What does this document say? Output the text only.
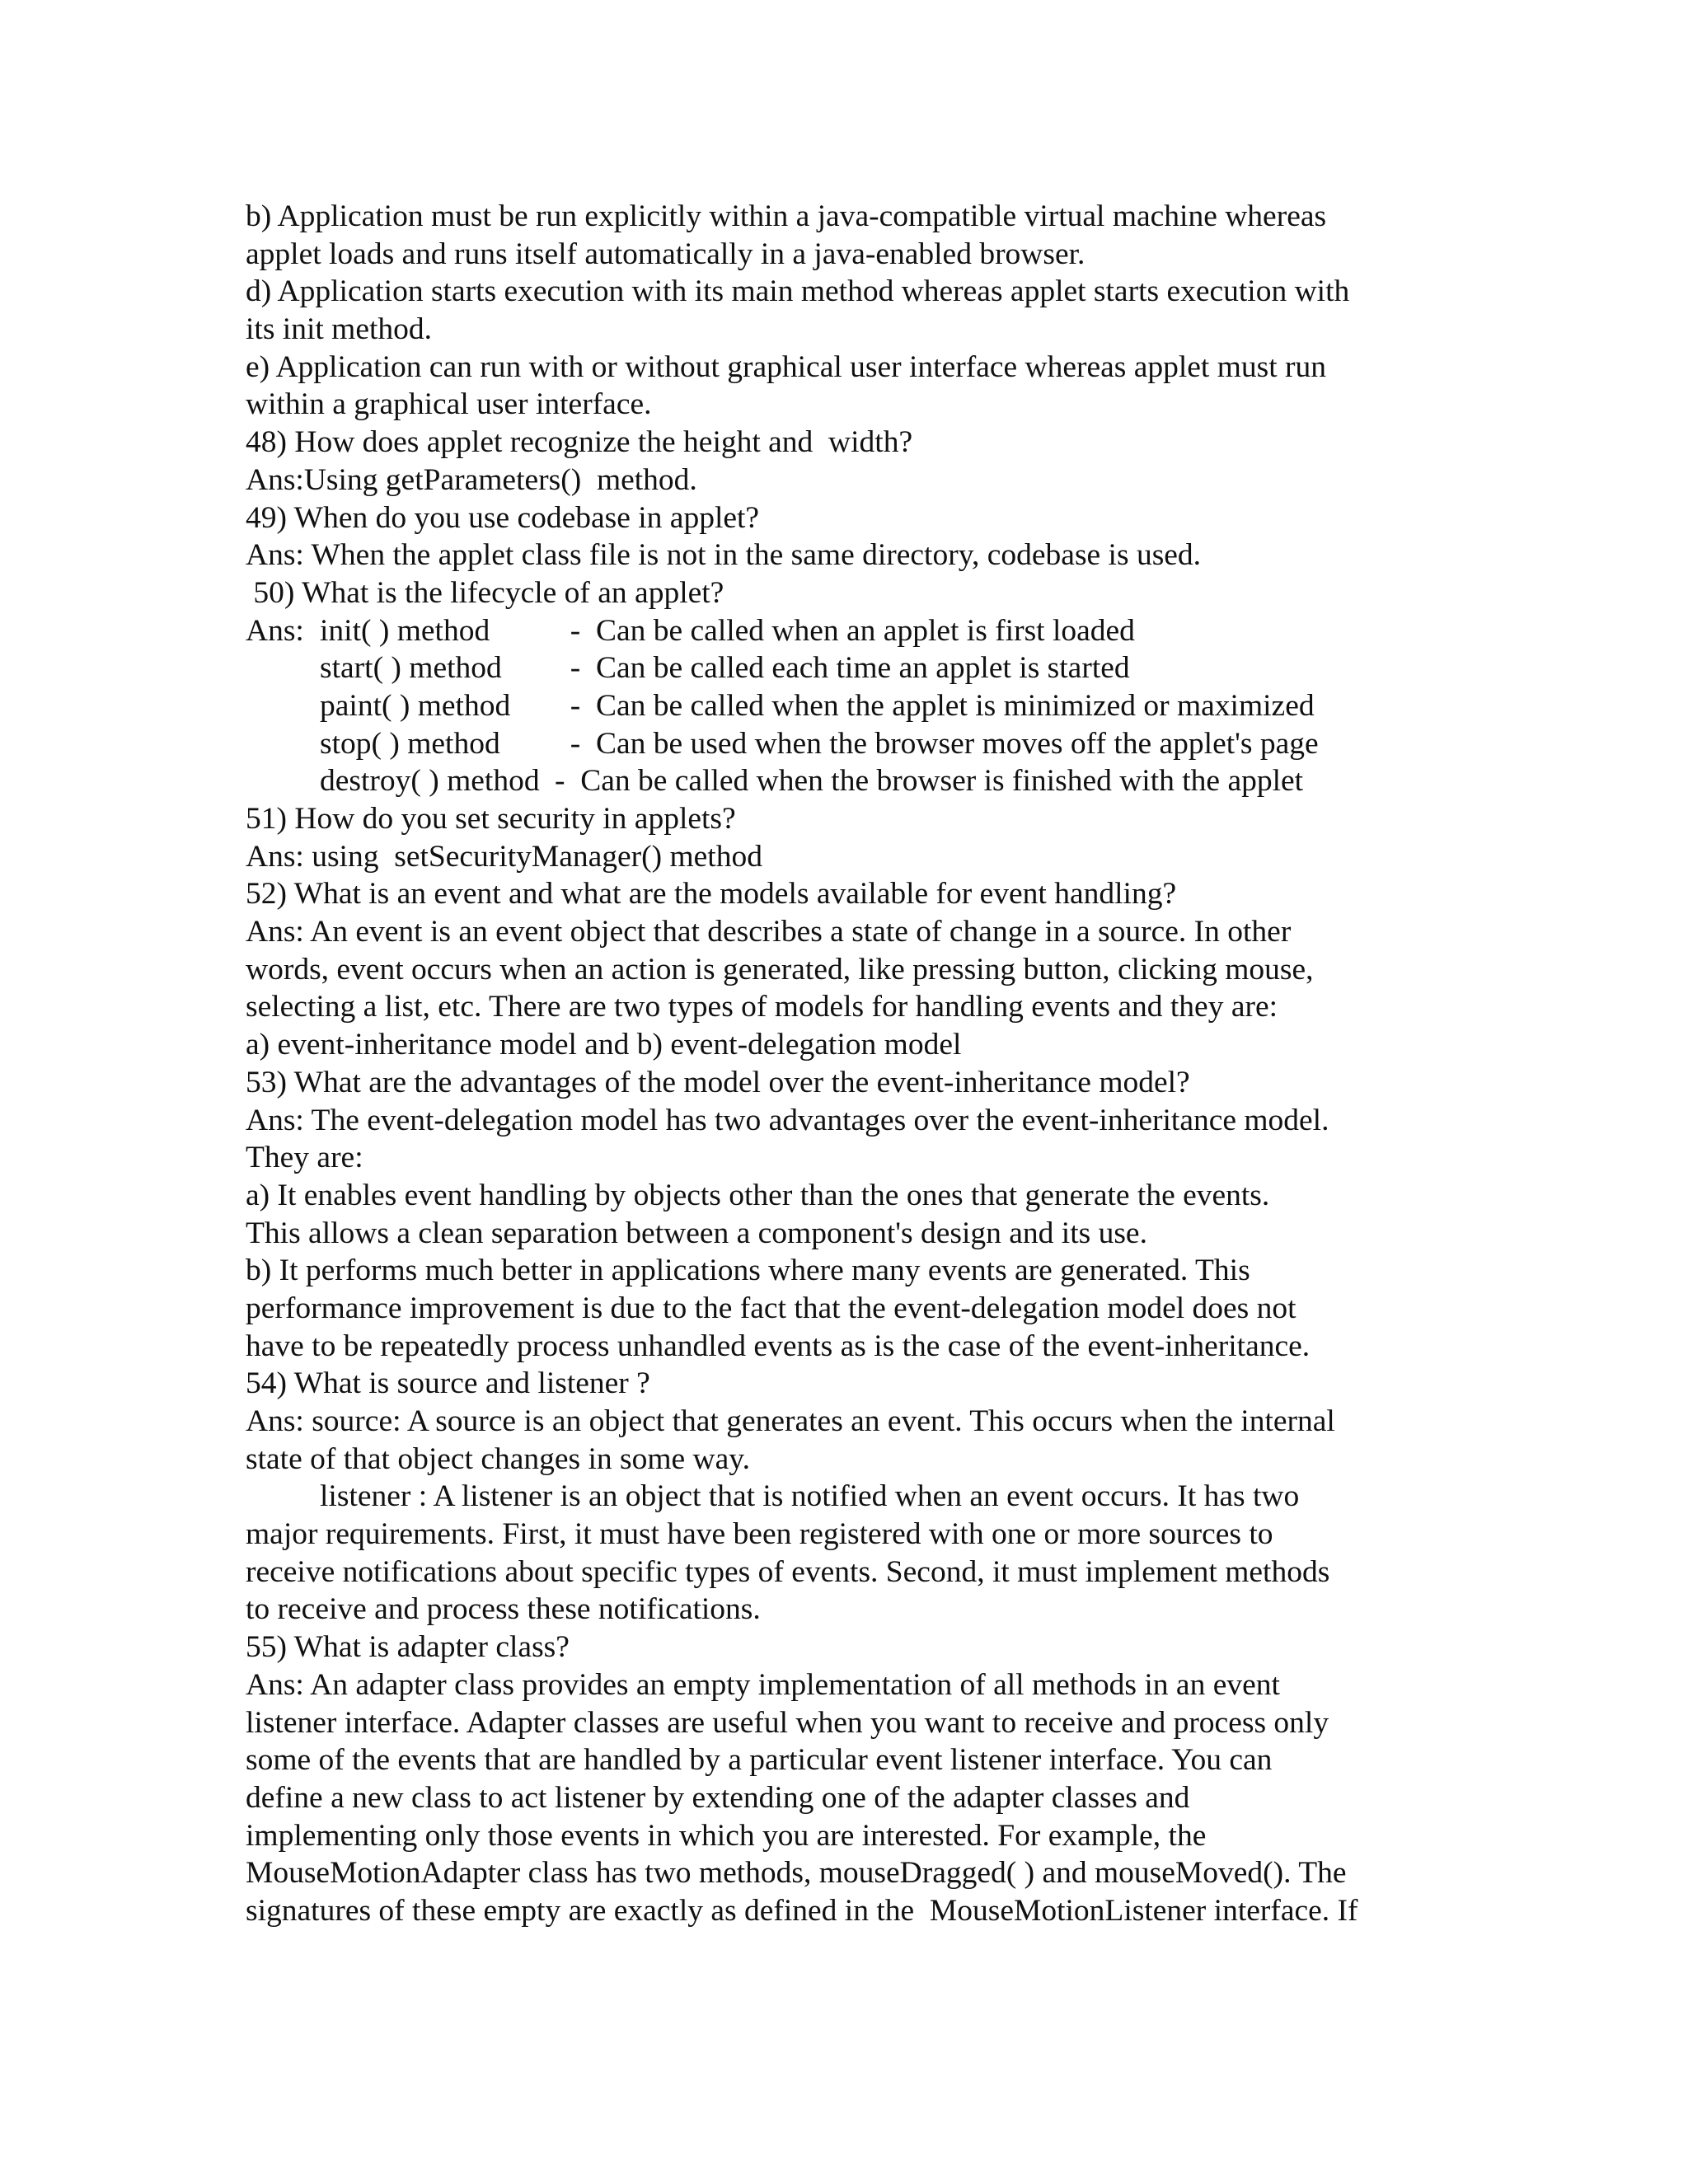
b) Application must be run explicitly within a java-compatible virtual machine whereas
applet loads and runs itself automatically in a java-enabled browser.
d) Application starts execution with its main method whereas applet starts execution with
its init method.
e) Application can run with or without graphical user interface whereas applet must run
within a graphical user interface.
48) How does applet recognize the height and  width?
Ans:Using getParameters()  method.
49) When do you use codebase in applet?
Ans: When the applet class file is not in the same directory, codebase is used.
50) What is the lifecycle of an applet?
Ans: init( ) method	-  Can be called when an applet is first loaded
start( ) method	-  Can be called each time an applet is started
paint( ) method	-  Can be called when the applet is minimized or maximized
stop( ) method	-  Can be used when the browser moves off the applet's page
destroy( ) method -  Can be called when the browser is finished with the applet
51) How do you set security in applets?
Ans: using  setSecurityManager() method
52) What is an event and what are the models available for event handling?
Ans: An event is an event object that describes a state of change in a source. In other
words, event occurs when an action is generated, like pressing button, clicking mouse,
selecting a list, etc. There are two types of models for handling events and they are:
a) event-inheritance model and b) event-delegation model
53) What are the advantages of the model over the event-inheritance model?
Ans: The event-delegation model has two advantages over the event-inheritance model.
They are:
a) It enables event handling by objects other than the ones that generate the events.
This allows a clean separation between a component's design and its use.
b) It performs much better in applications where many events are generated. This
performance improvement is due to the fact that the event-delegation model does not
have to be repeatedly process unhandled events as is the case of the event-inheritance.
54) What is source and listener ?
Ans: source: A source is an object that generates an event. This occurs when the internal
state of that object changes in some way.
listener : A listener is an object that is notified when an event occurs. It has two
major requirements. First, it must have been registered with one or more sources to
receive notifications about specific types of events. Second, it must implement methods
to receive and process these notifications.
55) What is adapter class?
Ans: An adapter class provides an empty implementation of all methods in an event
listener interface. Adapter classes are useful when you want to receive and process only
some of the events that are handled by a particular event listener interface. You can
define a new class to act listener by extending one of the adapter classes and
implementing only those events in which you are interested. For example, the
MouseMotionAdapter class has two methods, mouseDragged( ) and mouseMoved(). The
signatures of these empty are exactly as defined in the  MouseMotionListener interface. If
